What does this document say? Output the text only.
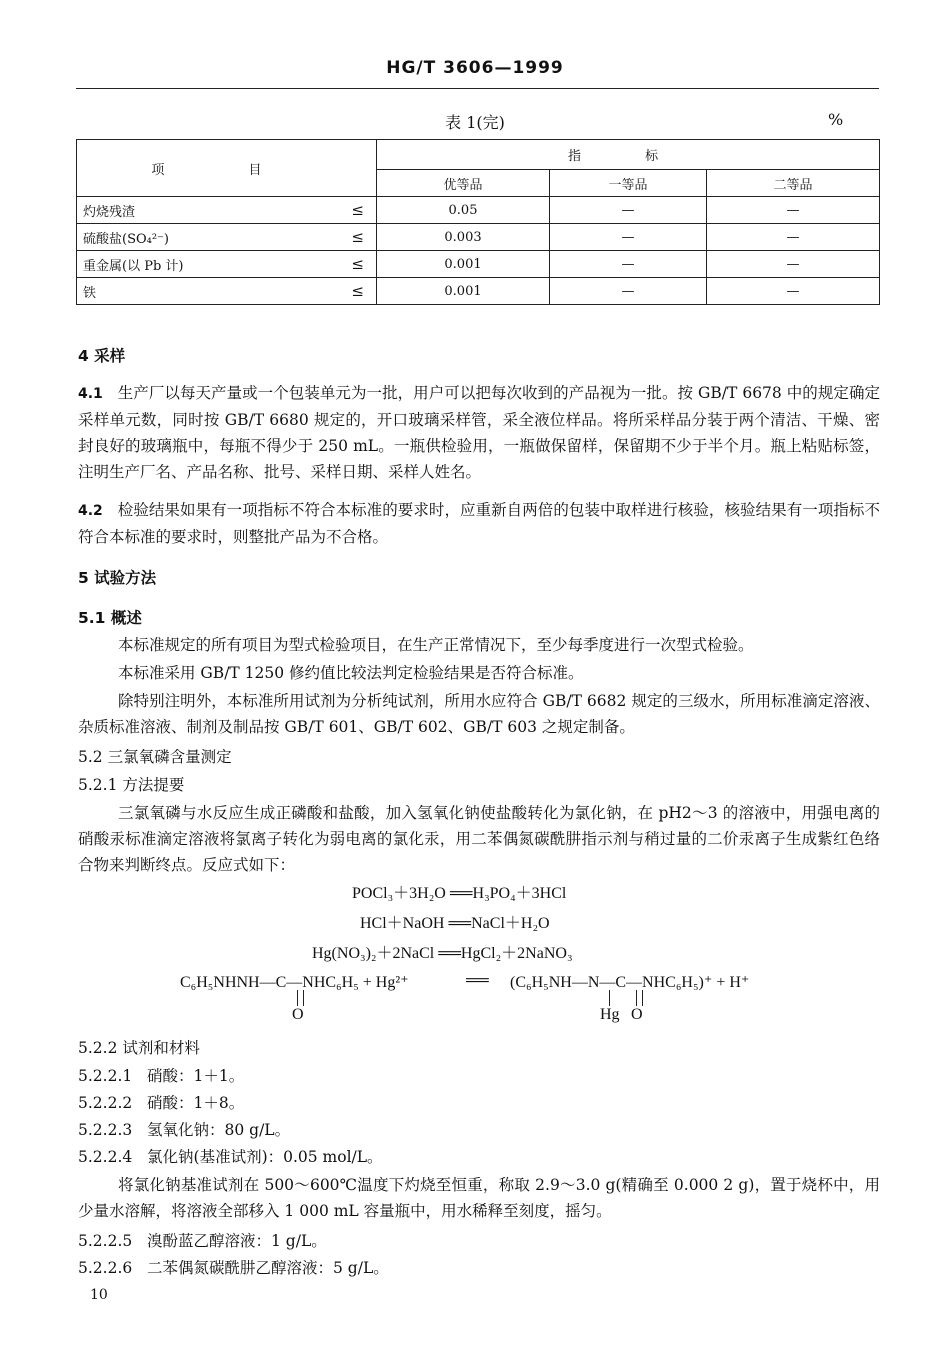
HG/T 3606—1999
表 1(完)	%
项 目	指 标		
	优等品	一等品	二等品
灼烧残渣 ≤	0.05	—	—
硫酸盐(SO₄²⁻) ≤	0.003	—	—
重金属(以 Pb 计) ≤	0.001	—	—
铁 ≤	0.001	—	—
4 采样
4.1 生产厂以每天产量或一个包装单元为一批，用户可以把每次收到的产品视为一批。按 GB/T 6678 中的规定确定采样单元数，同时按 GB/T 6680 规定的，开口玻璃采样管，采全液位样品。将所采样品分装于两个清洁、干燥、密封良好的玻璃瓶中，每瓶不得少于 250 mL。一瓶供检验用，一瓶做保留样，保留期不少于半个月。瓶上粘贴标签，注明生产厂名、产品名称、批号、采样日期、采样人姓名。
4.2 检验结果如果有一项指标不符合本标准的要求时，应重新自两倍的包装中取样进行核验，核验结果有一项指标不符合本标准的要求时，则整批产品为不合格。
5 试验方法
5.1 概述
本标准规定的所有项目为型式检验项目，在生产正常情况下，至少每季度进行一次型式检验。
本标准采用 GB/T 1250 修约值比较法判定检验结果是否符合标准。
除特别注明外，本标准所用试剂为分析纯试剂，所用水应符合 GB/T 6682 规定的三级水，所用标准滴定溶液、杂质标准溶液、制剂及制品按 GB/T 601、GB/T 602、GB/T 603 之规定制备。
5.2 三氯氧磷含量测定
5.2.1 方法提要
三氯氧磷与水反应生成正磷酸和盐酸，加入氢氧化钠使盐酸转化为氯化钠，在 pH2～3 的溶液中，用强电离的硝酸汞标准滴定溶液将氯离子转化为弱电离的氯化汞，用二苯偶氮碳酰肼指示剂与稍过量的二价汞离子生成紫红色络合物来判断终点。反应式如下：
POCl₃＋3H₂O ══H₃PO₄＋3HCl
HCl＋NaOH ══NaCl＋H₂O
Hg(NO₃)₂＋2NaCl ══HgCl₂＋2NaNO₃
C₆H₅NHNH—C—NHC₆H₅ + Hg²⁺	══ (C₆H₅NH—N—C—NHC₆H₅)⁺ + H⁺
O	Hg O
5.2.2 试剂和材料
5.2.2.1 硝酸：1＋1。
5.2.2.2 硝酸：1＋8。
5.2.2.3 氢氧化钠：80 g/L。
5.2.2.4 氯化钠(基准试剂)：0.05 mol/L。
将氯化钠基准试剂在 500～600℃温度下灼烧至恒重，称取 2.9～3.0 g(精确至 0.000 2 g)，置于烧杯中，用少量水溶解，将溶液全部移入 1 000 mL 容量瓶中，用水稀释至刻度，摇匀。
5.2.2.5 溴酚蓝乙醇溶液：1 g/L。
5.2.2.6 二苯偶氮碳酰肼乙醇溶液：5 g/L。
10
